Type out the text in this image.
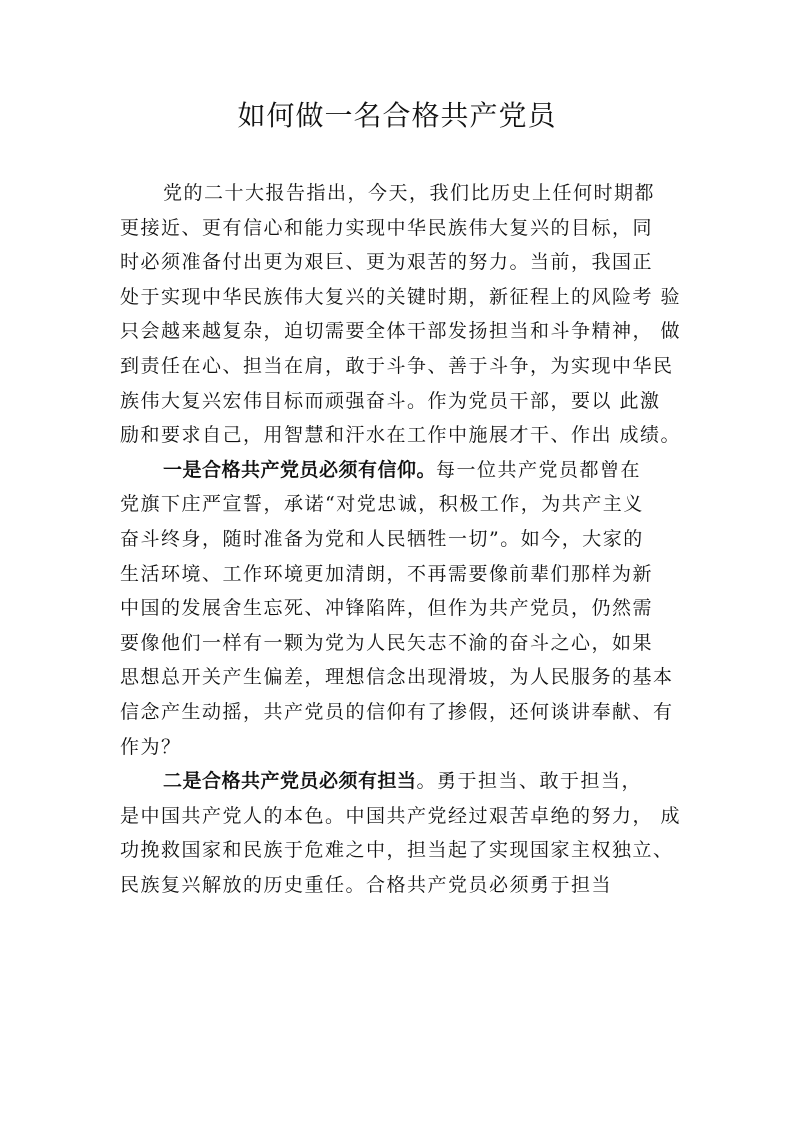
如何做一名合格共产党员
党的二十大报告指出，今天，我们比历史上任何时期都
更接近、更有信心和能力实现中华民族伟大复兴的目标，同
时必须准备付出更为艰巨、更为艰苦的努力。当前，我国正
处于实现中华民族伟大复兴的关键时期，新征程上的风险考 验
只会越来越复杂，迫切需要全体干部发扬担当和斗争精神， 做
到责任在心、担当在肩，敢于斗争、善于斗争，为实现中华民
族伟大复兴宏伟目标而顽强奋斗。作为党员干部，要以 此激
励和要求自己，用智慧和汗水在工作中施展才干、作出 成绩。
一是合格共产党员必须有信仰。每一位共产党员都曾在
党旗下庄严宣誓，承诺“对党忠诚，积极工作，为共产主义
奋斗终身，随时准备为党和人民牺牲一切”。如今，大家的
生活环境、工作环境更加清朗，不再需要像前辈们那样为新
中国的发展舍生忘死、冲锋陷阵，但作为共产党员，仍然需
要像他们一样有一颗为党为人民矢志不渝的奋斗之心，如果
思想总开关产生偏差，理想信念出现滑坡，为人民服务的基本
信念产生动摇，共产党员的信仰有了掺假，还何谈讲奉献、有
作为？
二是合格共产党员必须有担当。勇于担当、敢于担当，
是中国共产党人的本色。中国共产党经过艰苦卓绝的努力， 成
功挽救国家和民族于危难之中，担当起了实现国家主权独立、
民族复兴解放的历史重任。合格共产党员必须勇于担当
